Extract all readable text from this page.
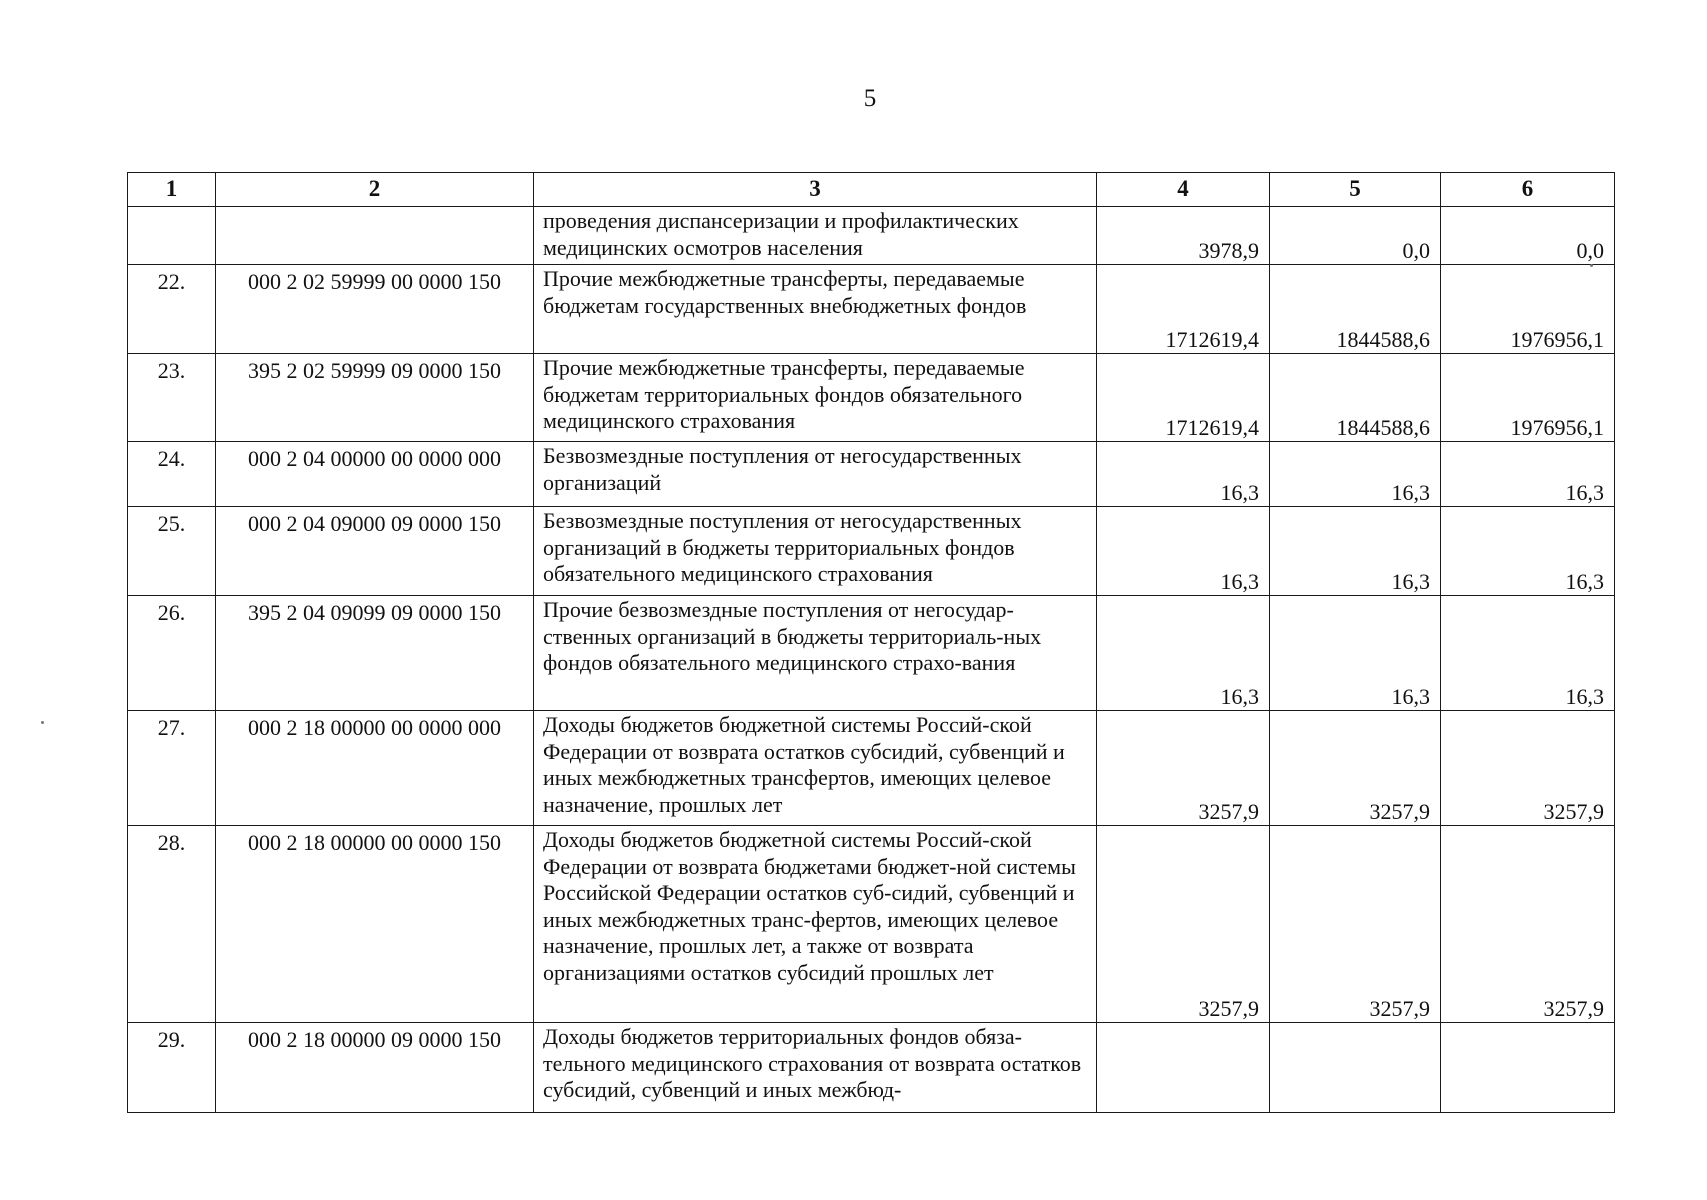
5
1	2	3	4	5	6
		проведения диспансеризации и профилактических медицинских осмотров населения	3978,9	0,0	0,0
22.	000 2 02 59999 00 0000 150	Прочие межбюджетные трансферты, передаваемые бюджетам государственных внебюджетных фондов	1712619,4	1844588,6	1976956,1
23.	395 2 02 59999 09 0000 150	Прочие межбюджетные трансферты, передаваемые бюджетам территориальных фондов обязательного медицинского страхования	1712619,4	1844588,6	1976956,1
24.	000 2 04 00000 00 0000 000	Безвозмездные поступления от негосударственных организаций	16,3	16,3	16,3
25.	000 2 04 09000 09 0000 150	Безвозмездные поступления от негосударственных организаций в бюджеты территориальных фондов обязательного медицинского страхования	16,3	16,3	16,3
26.	395 2 04 09099 09 0000 150	Прочие безвозмездные поступления от негосудар-ственных организаций в бюджеты территориаль-ных фондов обязательного медицинского страхо-вания	16,3	16,3	16,3
27.	000 2 18 00000 00 0000 000	Доходы бюджетов бюджетной системы Россий-ской Федерации от возврата остатков субсидий, субвенций и иных межбюджетных трансфертов, имеющих целевое назначение, прошлых лет	3257,9	3257,9	3257,9
28.	000 2 18 00000 00 0000 150	Доходы бюджетов бюджетной системы Россий-ской Федерации от возврата бюджетами бюджет-ной системы Российской Федерации остатков суб-сидий, субвенций и иных межбюджетных транс-фертов, имеющих целевое назначение, прошлых лет, а также от возврата организациями остатков субсидий прошлых лет	3257,9	3257,9	3257,9
29.	000 2 18 00000 09 0000 150	Доходы бюджетов территориальных фондов обяза-тельного медицинского страхования от возврата остатков субсидий, субвенций и иных межбюд-			
